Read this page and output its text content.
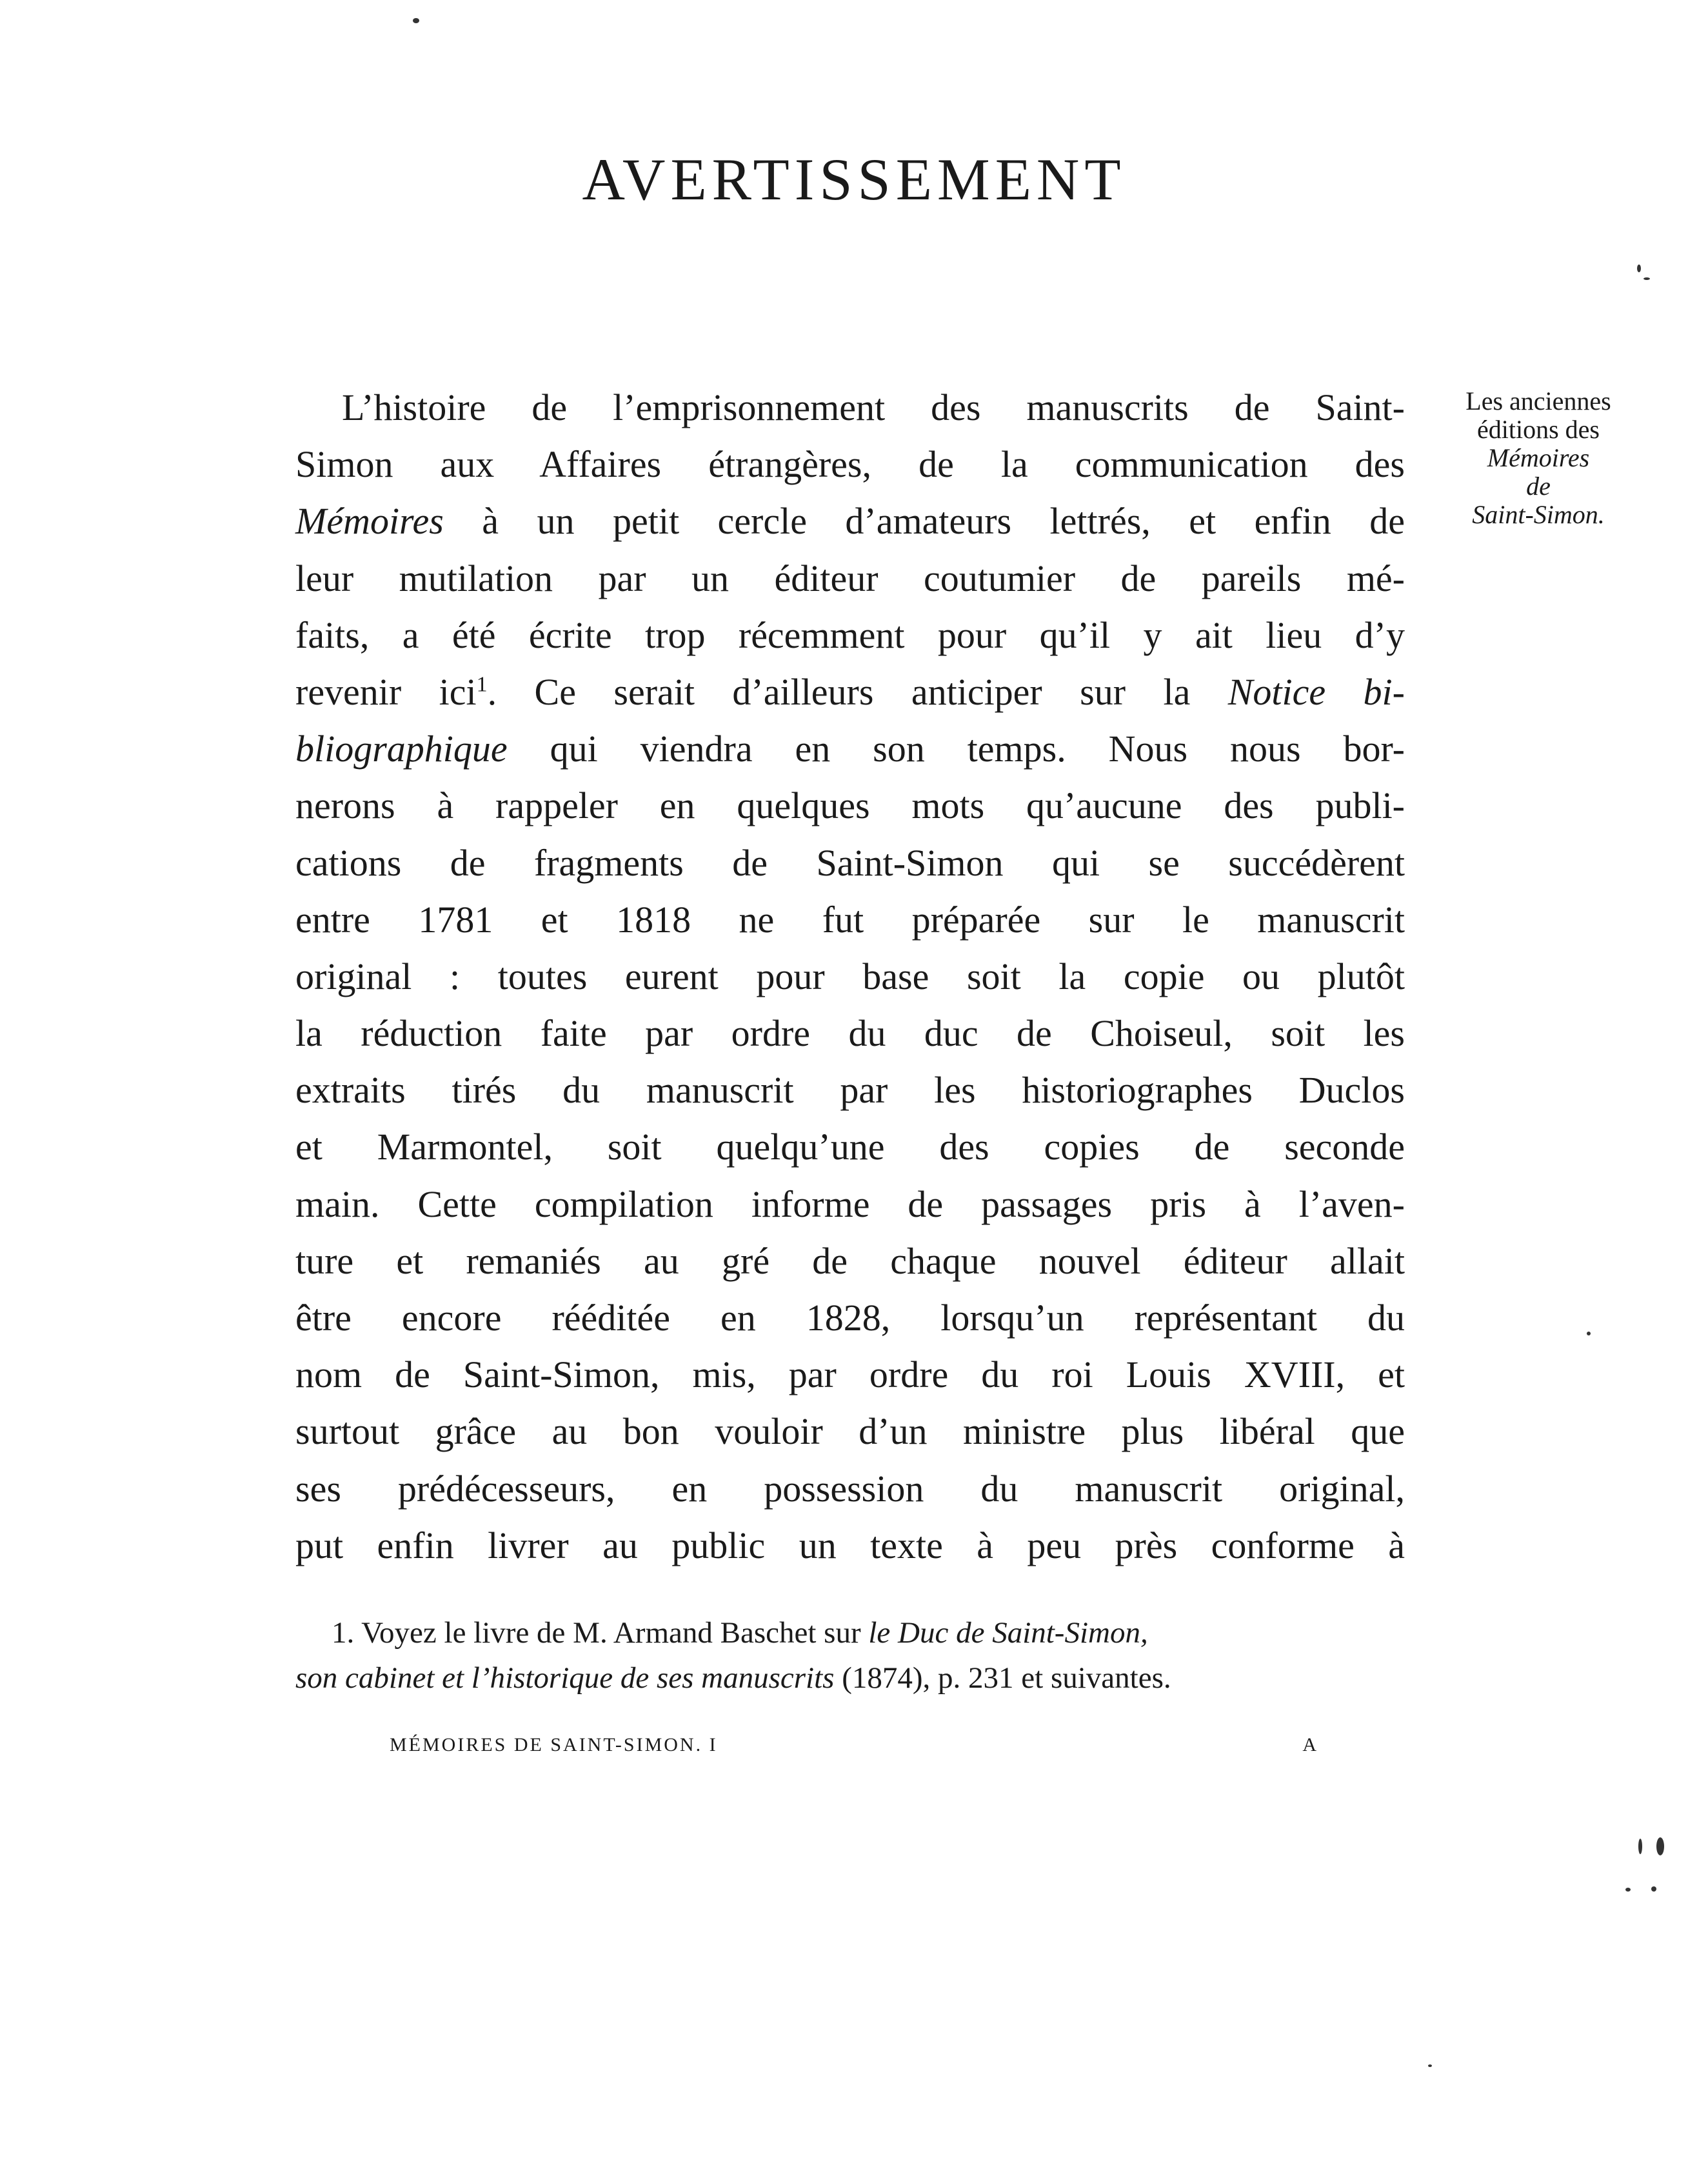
AVERTISSEMENT
Les anciennes
éditions des
Mémoires
de
Saint-Simon.
L’histoire de l’emprisonnement des manuscrits de Saint-
Simon aux Affaires étrangères, de la communication des
Mémoires à un petit cercle d’amateurs lettrés, et enfin de
leur mutilation par un éditeur coutumier de pareils mé-
faits, a été écrite trop récemment pour qu’il y ait lieu d’y
revenir ici$^1$. Ce serait d’ailleurs anticiper sur la Notice bi-
bliographique qui viendra en son temps. Nous nous bor-
nerons à rappeler en quelques mots qu’aucune des publi-
cations de fragments de Saint-Simon qui se succédèrent
entre 1781 et 1818 ne fut préparée sur le manuscrit
original : toutes eurent pour base soit la copie ou plutôt
la réduction faite par ordre du duc de Choiseul, soit les
extraits tirés du manuscrit par les historiographes Duclos
et Marmontel, soit quelqu’une des copies de seconde
main. Cette compilation informe de passages pris à l’aven-
ture et remaniés au gré de chaque nouvel éditeur allait
être encore rééditée en 1828, lorsqu’un représentant du
nom de Saint-Simon, mis, par ordre du roi Louis XVIII, et
surtout grâce au bon vouloir d’un ministre plus libéral que
ses prédécesseurs, en possession du manuscrit original,
put enfin livrer au public un texte à peu près conforme à
1. Voyez le livre de M. Armand Baschet sur le Duc de Saint-Simon,
son cabinet et l’historique de ses manuscrits (1874), p. 231 et suivantes.
MÉMOIRES DE SAINT-SIMON. I	A
